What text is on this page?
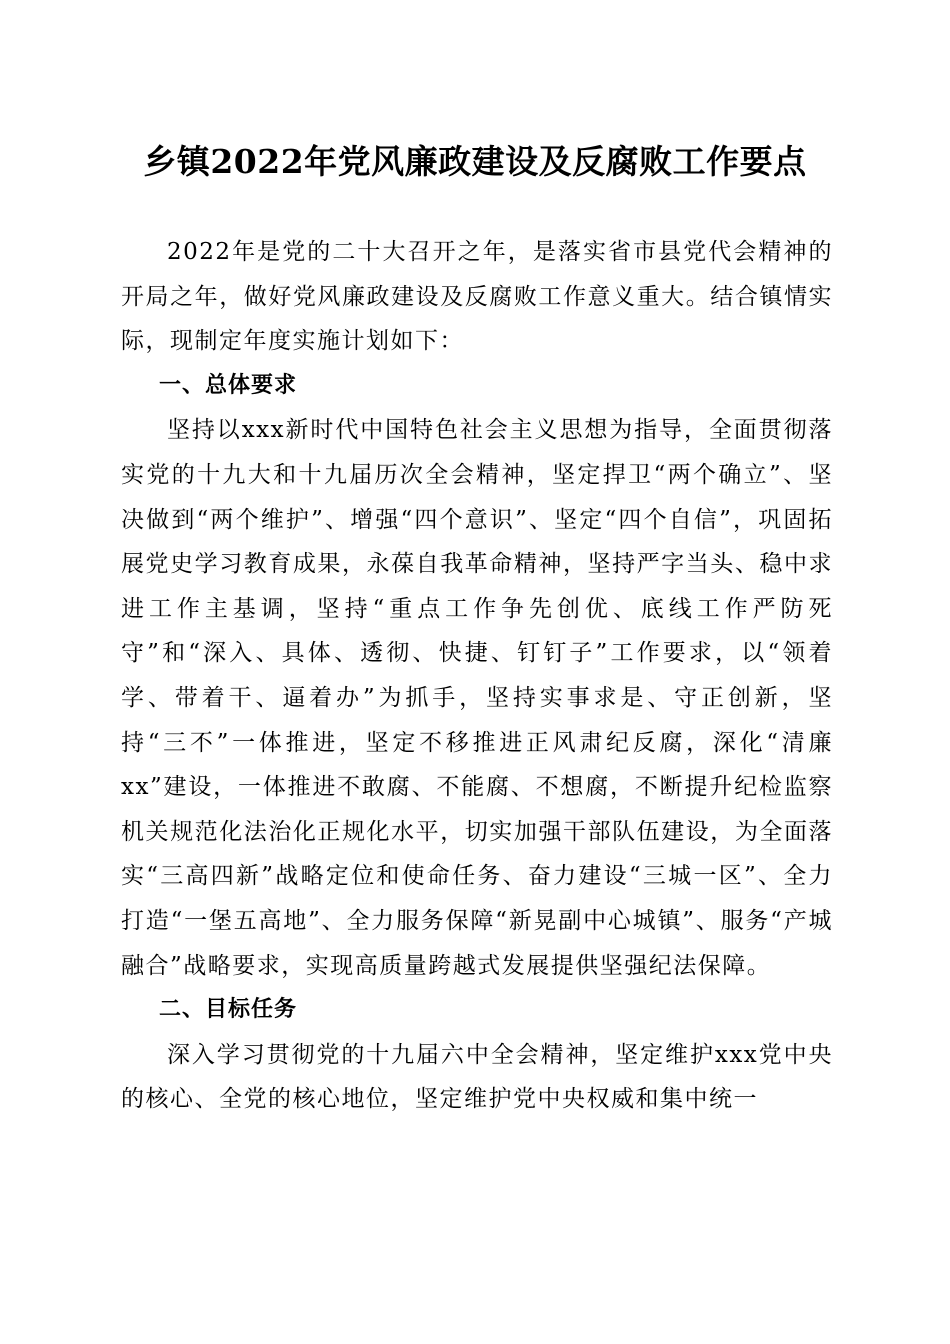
乡镇2022年党风廉政建设及反腐败工作要点

2022年是党的二十大召开之年，是落实省市县党代会精神的开局之年，做好党风廉政建设及反腐败工作意义重大。结合镇情实际，现制定年度实施计划如下：

一、总体要求

坚持以xxx新时代中国特色社会主义思想为指导，全面贯彻落实党的十九大和十九届历次全会精神，坚定捍卫“两个确立”、坚决做到“两个维护”、增强“四个意识”、坚定“四个自信”，巩固拓展党史学习教育成果，永葆自我革命精神，坚持严字当头、稳中求进工作主基调，坚持“重点工作争先创优、底线工作严防死守”和“深入、具体、透彻、快捷、钉钉子”工作要求，以“领着学、带着干、逼着办”为抓手，坚持实事求是、守正创新，坚持“三不”一体推进，坚定不移推进正风肃纪反腐，深化“清廉xx”建设，一体推进不敢腐、不能腐、不想腐，不断提升纪检监察机关规范化法治化正规化水平，切实加强干部队伍建设，为全面落实“三高四新”战略定位和使命任务、奋力建设“三城一区”、全力打造“一堡五高地”、全力服务保障“新晃副中心城镇”、服务“产城融合”战略要求，实现高质量跨越式发展提供坚强纪法保障。

二、目标任务

深入学习贯彻党的十九届六中全会精神，坚定维护xxx党中央的核心、全党的核心地位，坚定维护党中央权威和集中统一
